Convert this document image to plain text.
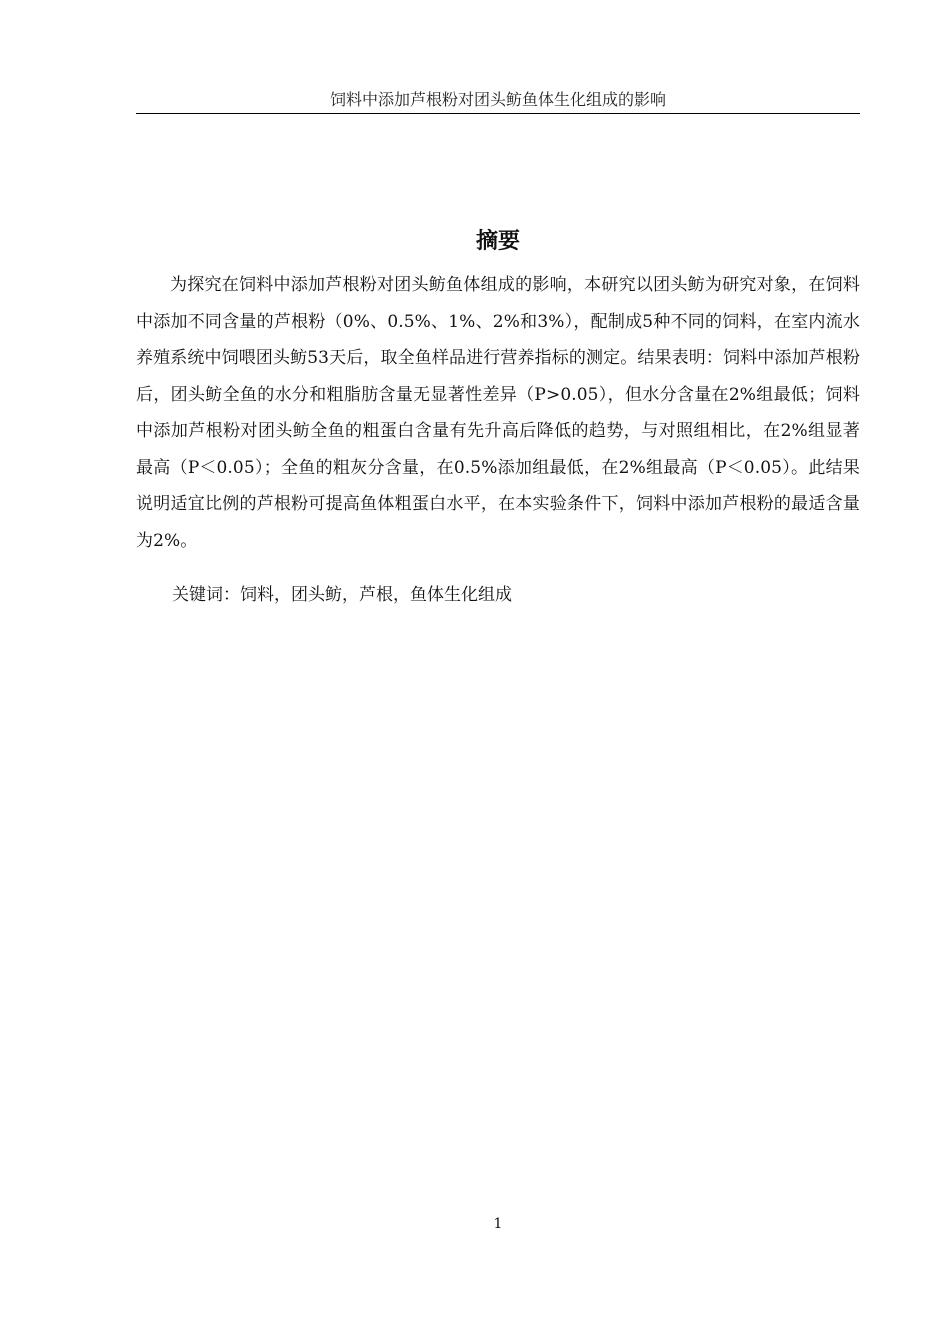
饲料中添加芦根粉对团头鲂鱼体生化组成的影响
摘要

为探究在饲料中添加芦根粉对团头鲂鱼体组成的影响，本研究以团头鲂为研究对象，在饲料中添加不同含量的芦根粉（0%、0.5%、1%、2%和3%），配制成5种不同的饲料，在室内流水养殖系统中饲喂团头鲂53天后，取全鱼样品进行营养指标的测定。结果表明：饲料中添加芦根粉后，团头鲂全鱼的水分和粗脂肪含量无显著性差异（P>0.05），但水分含量在2%组最低；饲料中添加芦根粉对团头鲂全鱼的粗蛋白含量有先升高后降低的趋势，与对照组相比，在2%组显著最高（P＜0.05）；全鱼的粗灰分含量，在0.5%添加组最低，在2%组最高（P＜0.05）。此结果说明适宜比例的芦根粉可提高鱼体粗蛋白水平，在本实验条件下，饲料中添加芦根粉的最适含量为2%。

关键词：饲料，团头鲂，芦根，鱼体生化组成
1
